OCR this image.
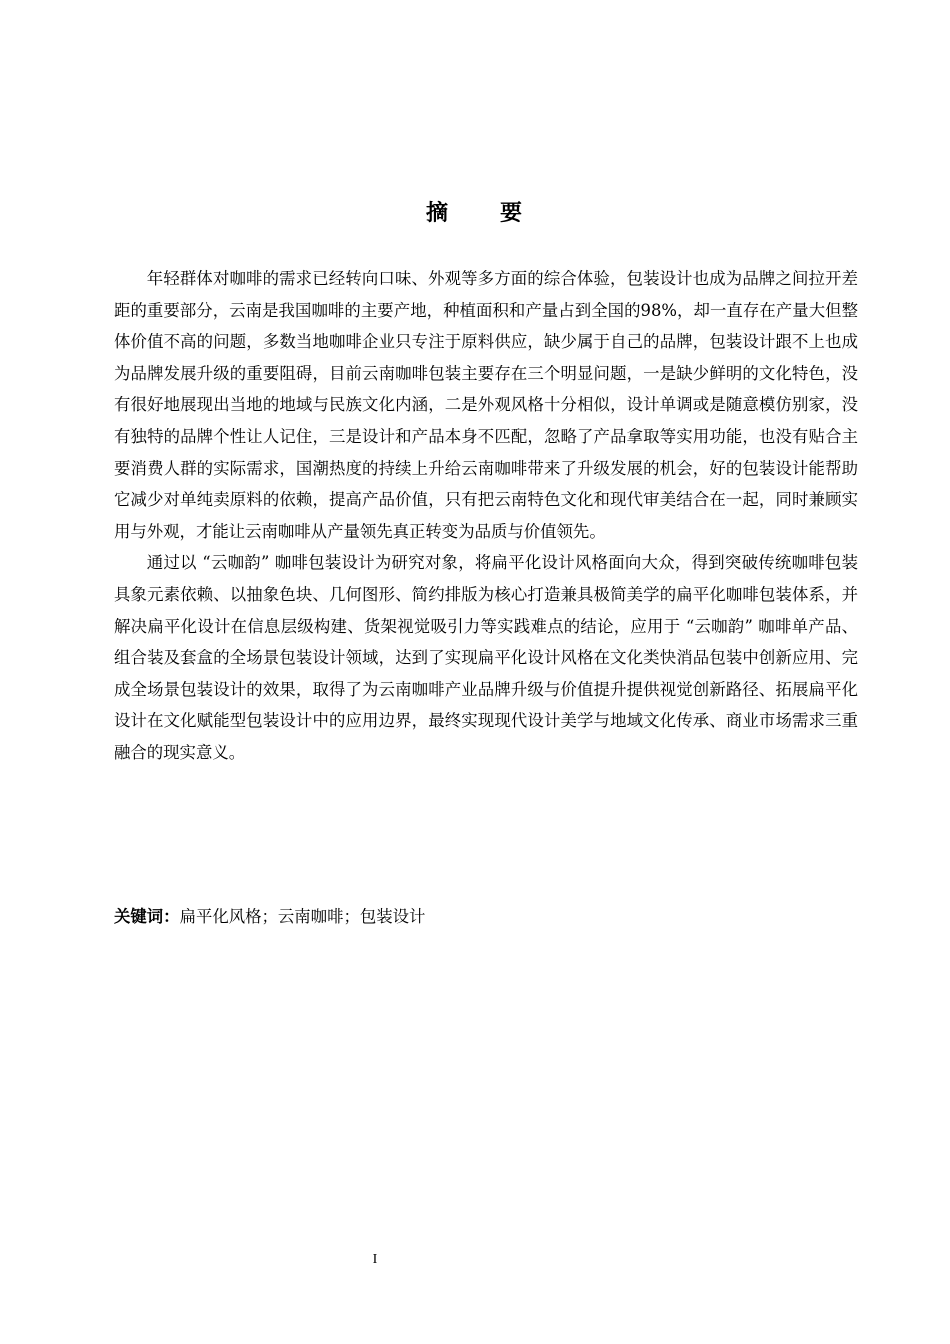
摘 要

年轻群体对咖啡的需求已经转向口味、外观等多方面的综合体验，包装设计也成为品牌之间拉开差距的重要部分，云南是我国咖啡的主要产地，种植面积和产量占到全国的98%，却一直存在产量大但整体价值不高的问题，多数当地咖啡企业只专注于原料供应，缺少属于自己的品牌，包装设计跟不上也成为品牌发展升级的重要阻碍，目前云南咖啡包装主要存在三个明显问题，一是缺少鲜明的文化特色，没有很好地展现出当地的地域与民族文化内涵，二是外观风格十分相似，设计单调或是随意模仿别家，没有独特的品牌个性让人记住，三是设计和产品本身不匹配，忽略了产品拿取等实用功能，也没有贴合主要消费人群的实际需求，国潮热度的持续上升给云南咖啡带来了升级发展的机会，好的包装设计能帮助它减少对单纯卖原料的依赖，提高产品价值，只有把云南特色文化和现代审美结合在一起，同时兼顾实用与外观，才能让云南咖啡从产量领先真正转变为品质与价值领先。

通过以 “云咖韵” 咖啡包装设计为研究对象，将扁平化设计风格面向大众，得到突破传统咖啡包装具象元素依赖、以抽象色块、几何图形、简约排版为核心打造兼具极简美学的扁平化咖啡包装体系，并解决扁平化设计在信息层级构建、货架视觉吸引力等实践难点的结论，应用于 “云咖韵” 咖啡单产品、组合装及套盒的全场景包装设计领域，达到了实现扁平化设计风格在文化类快消品包装中创新应用、完成全场景包装设计的效果，取得了为云南咖啡产业品牌升级与价值提升提供视觉创新路径、拓展扁平化设计在文化赋能型包装设计中的应用边界，最终实现现代设计美学与地域文化传承、商业市场需求三重融合的现实意义。

关键词：扁平化风格；云南咖啡；包装设计
I
